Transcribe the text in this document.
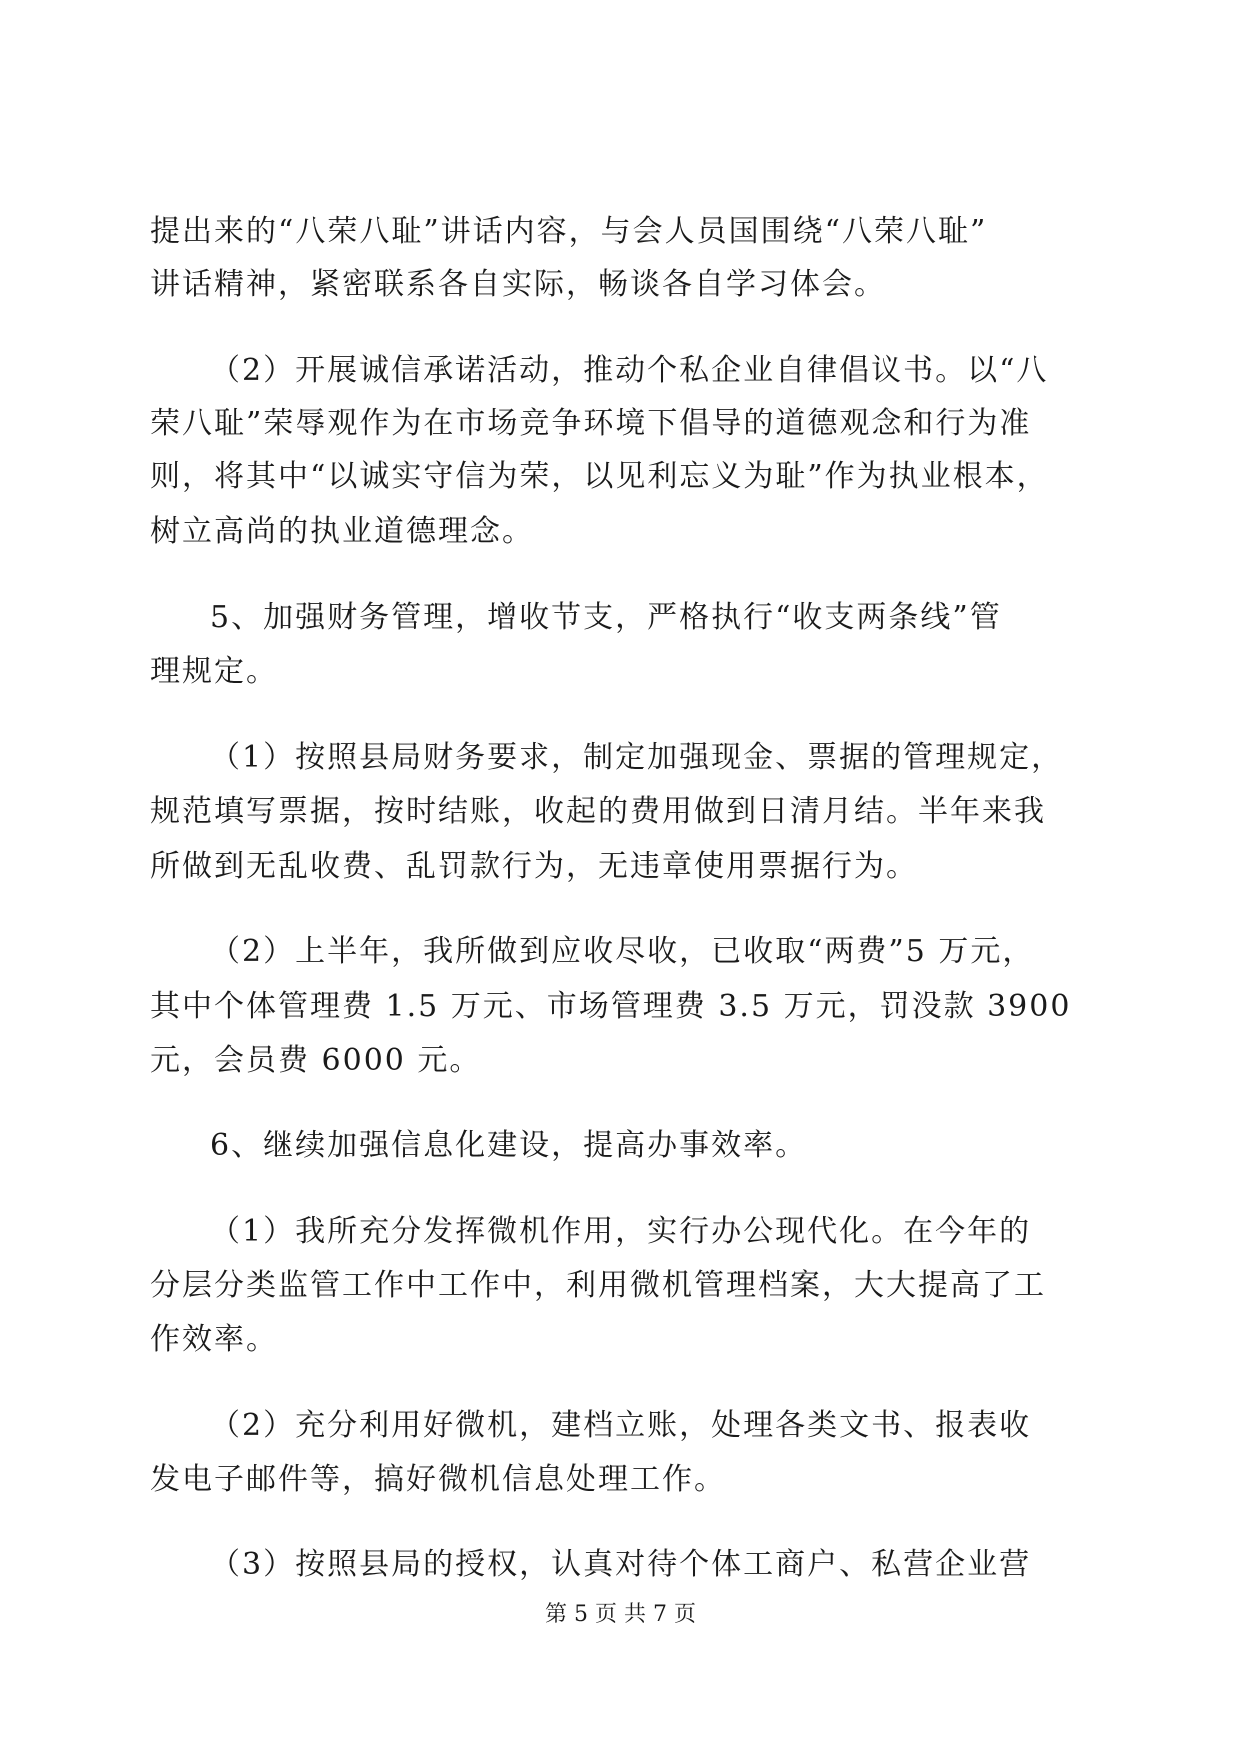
提出来的“八荣八耻”讲话内容，与会人员国围绕“八荣八耻”
讲话精神，紧密联系各自实际，畅谈各自学习体会。
（2）开展诚信承诺活动，推动个私企业自律倡议书。以“八
荣八耻”荣辱观作为在市场竞争环境下倡导的道德观念和行为准
则，将其中“以诚实守信为荣，以见利忘义为耻”作为执业根本，
树立高尚的执业道德理念。
5、加强财务管理，增收节支，严格执行“收支两条线”管
理规定。
（1）按照县局财务要求，制定加强现金、票据的管理规定，
规范填写票据，按时结账，收起的费用做到日清月结。半年来我
所做到无乱收费、乱罚款行为，无违章使用票据行为。
（2）上半年，我所做到应收尽收，已收取“两费”5 万元，
其中个体管理费 1.5 万元、市场管理费 3.5 万元，罚没款 3900
元，会员费 6000 元。
6、继续加强信息化建设，提高办事效率。
（1）我所充分发挥微机作用，实行办公现代化。在今年的
分层分类监管工作中工作中，利用微机管理档案，大大提高了工
作效率。
（2）充分利用好微机，建档立账，处理各类文书、报表收
发电子邮件等，搞好微机信息处理工作。
（3）按照县局的授权，认真对待个体工商户、私营企业营
第 5 页 共 7 页
